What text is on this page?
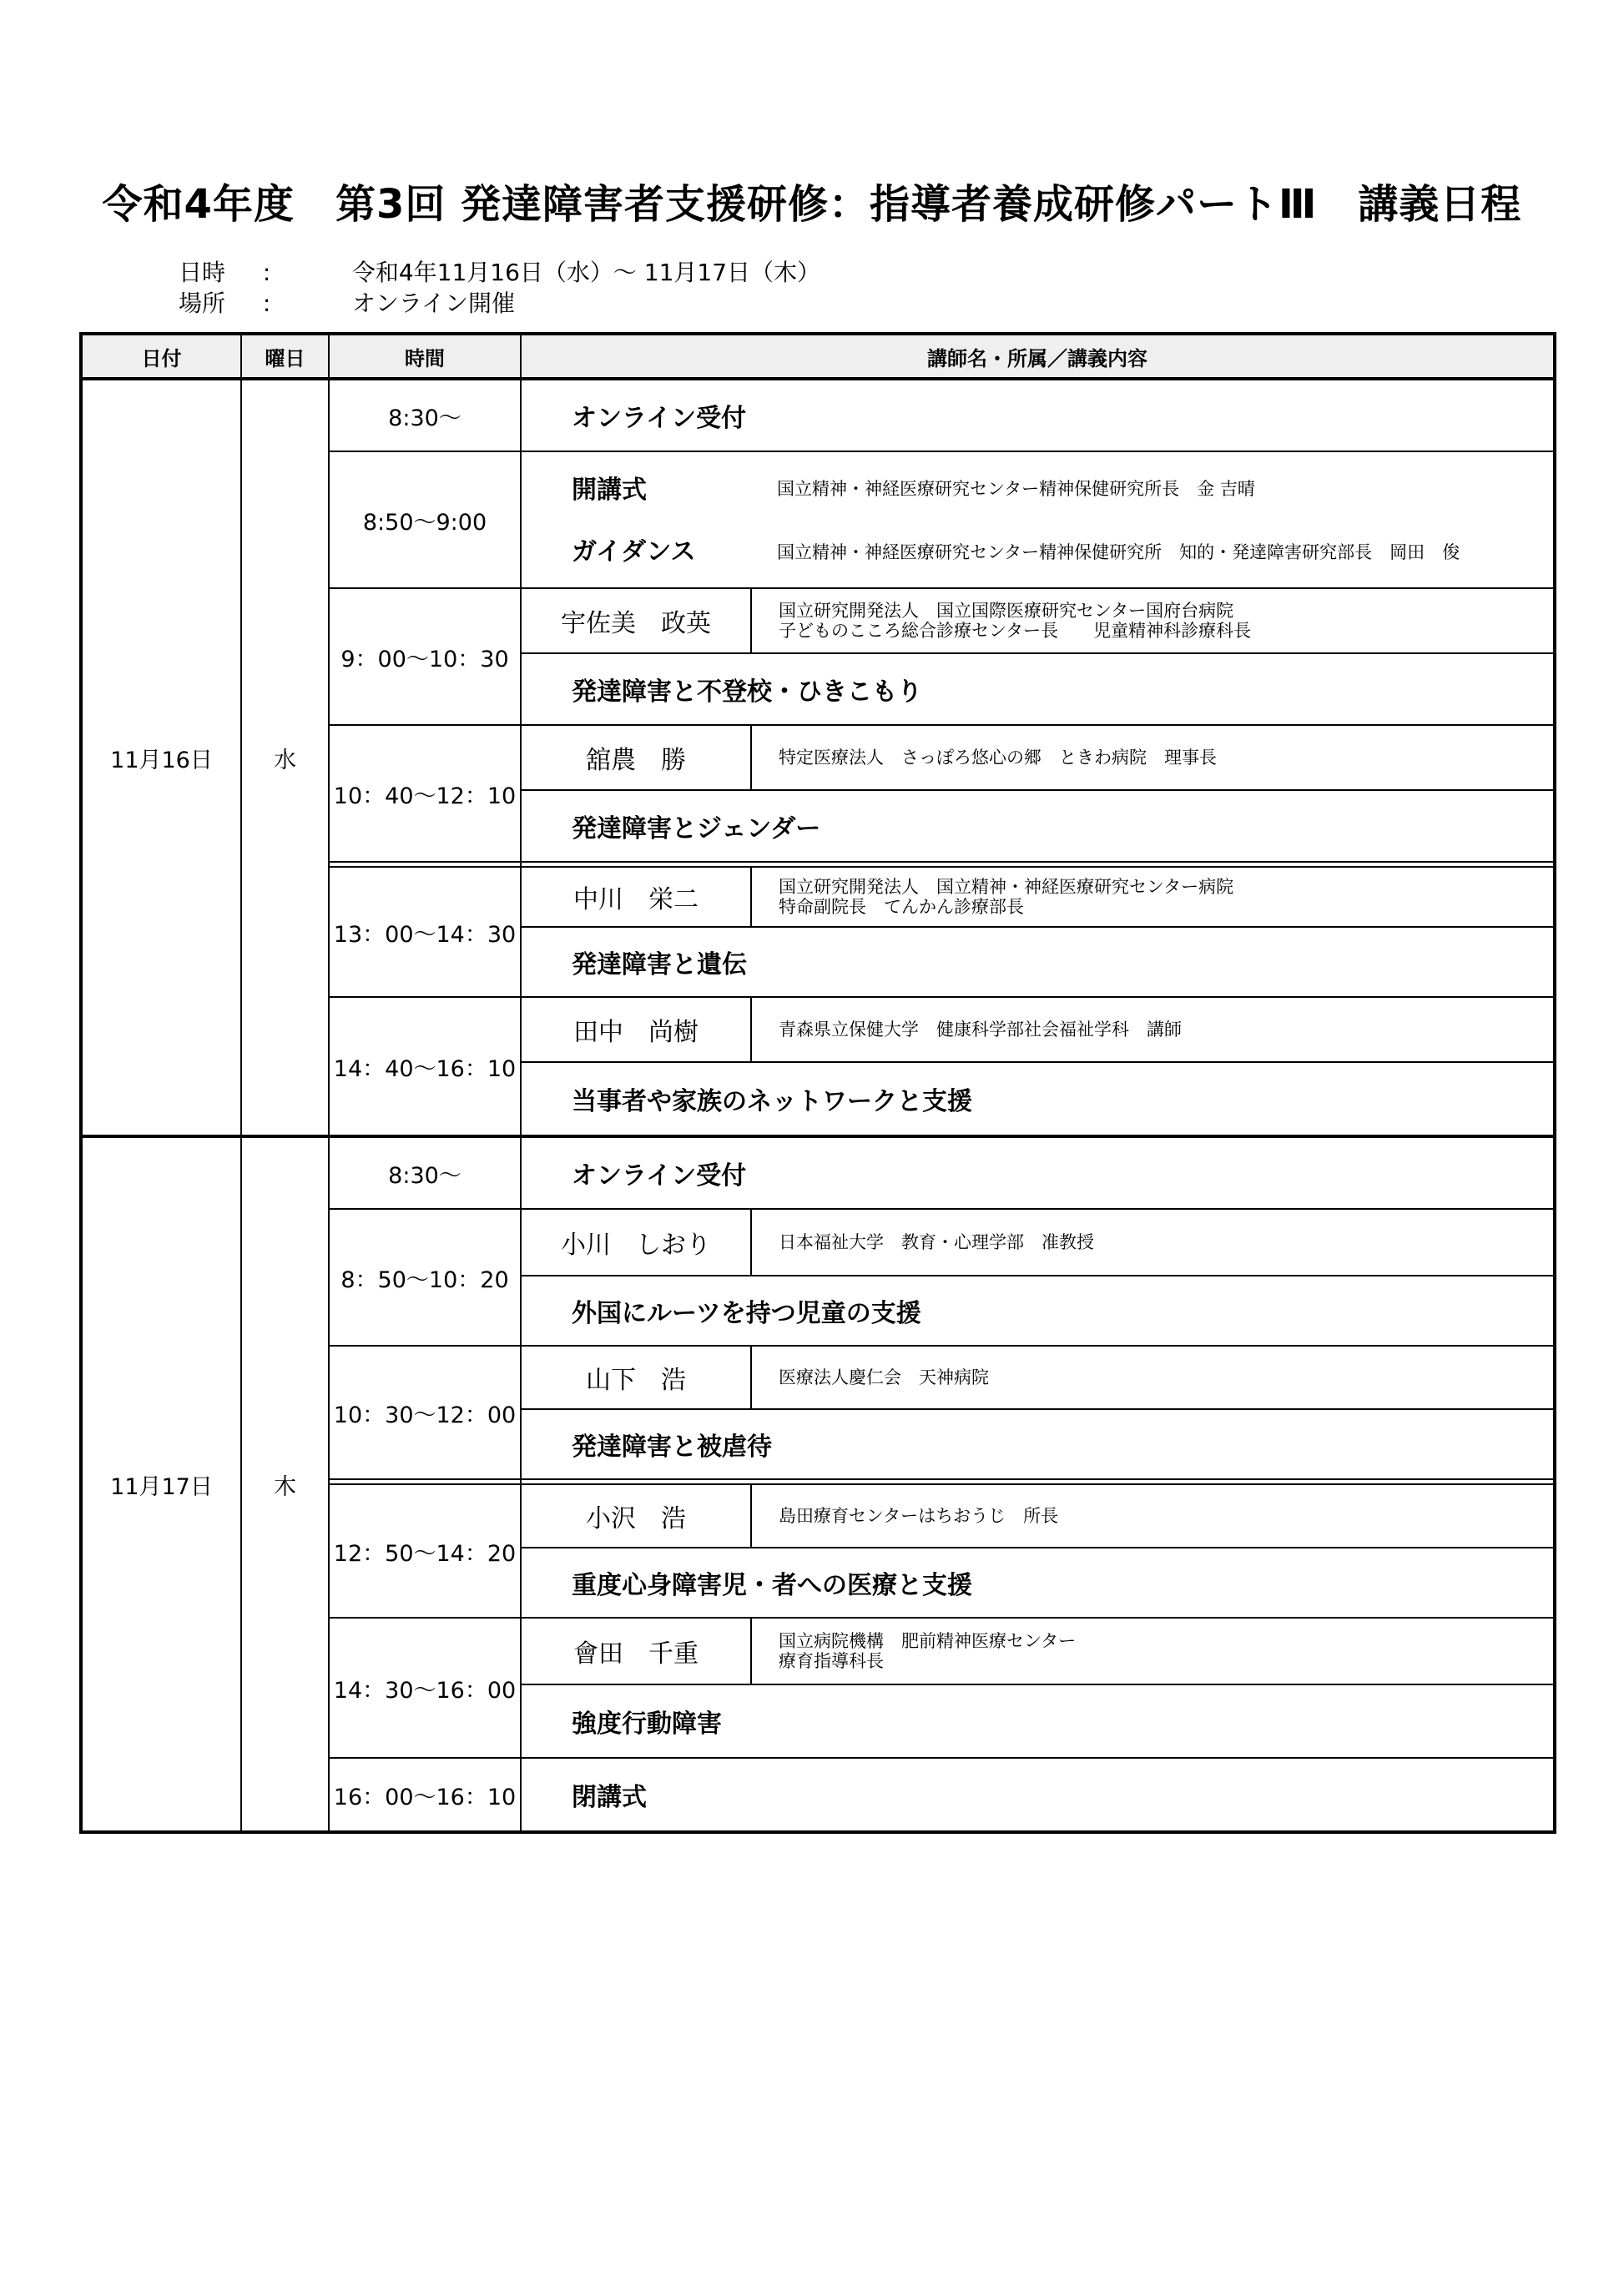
令和4年度　第3回 発達障害者支援研修：指導者養成研修パートⅢ　講義日程
日時 :	令和4年11月16日（水）～ 11月17日（木）
場所 :	オンライン開催
日付	曜日	時間	講師名・所属／講義内容
11月16日	水
8:30～	オンライン受付
8:50～9:00
開講式	国立精神・神経医療研究センター精神保健研究所長　金 吉晴
ガイダンス	国立精神・神経医療研究センター精神保健研究所　知的・発達障害研究部長　岡田　俊
9：00～10：30
宇佐美　政英	国立研究開発法人　国立国際医療研究センター国府台病院
子どものこころ総合診療センター長　　児童精神科診療科長
発達障害と不登校・ひきこもり
10：40～12：10
舘農　勝	特定医療法人　さっぽろ悠心の郷　ときわ病院　理事長
発達障害とジェンダー
13：00～14：30
中川　栄二	国立研究開発法人　国立精神・神経医療研究センター病院
特命副院長　てんかん診療部長
発達障害と遺伝
14：40～16：10
田中　尚樹	青森県立保健大学　健康科学部社会福祉学科　講師
当事者や家族のネットワークと支援
11月17日	木
8:30～	オンライン受付
8：50～10：20
小川　しおり	日本福祉大学　教育・心理学部　准教授
外国にルーツを持つ児童の支援
10：30～12：00
山下　浩	医療法人慶仁会　天神病院
発達障害と被虐待
12：50～14：20
小沢　浩	島田療育センターはちおうじ　所長
重度心身障害児・者への医療と支援
14：30～16：00
會田　千重	国立病院機構　肥前精神医療センター
療育指導科長
強度行動障害
16：00～16：10	閉講式
